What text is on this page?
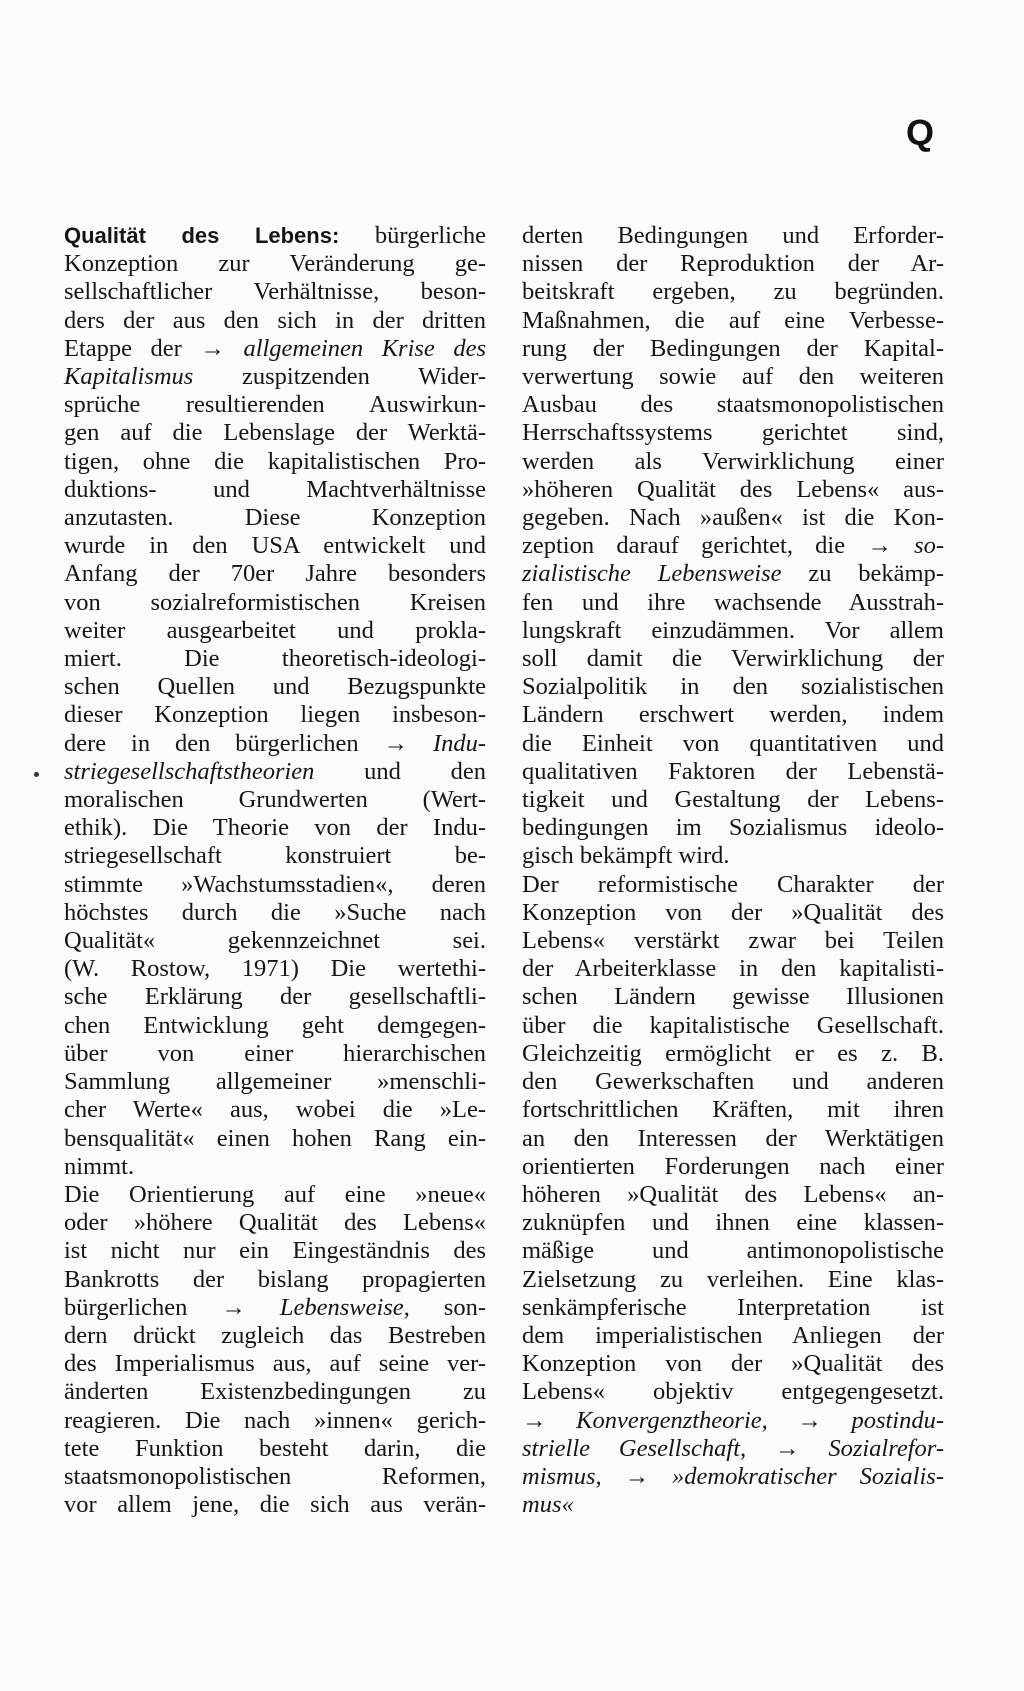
Q
Qualität des Lebens: bürgerliche
Konzeption zur Veränderung ge-
sellschaftlicher Verhältnisse, beson-
ders der aus den sich in der dritten
Etappe der → allgemeinen Krise des
Kapitalismus zuspitzenden Wider-
sprüche resultierenden Auswirkun-
gen auf die Lebenslage der Werktä-
tigen, ohne die kapitalistischen Pro-
duktions- und Machtverhältnisse
anzutasten. Diese Konzeption
wurde in den USA entwickelt und
Anfang der 70er Jahre besonders
von sozialreformistischen Kreisen
weiter ausgearbeitet und prokla-
miert. Die theoretisch-ideologi-
schen Quellen und Bezugspunkte
dieser Konzeption liegen insbeson-
dere in den bürgerlichen → Indu-
striegesellschaftstheorien und den
moralischen Grundwerten (Wert-
ethik). Die Theorie von der Indu-
striegesellschaft konstruiert be-
stimmte »Wachstumsstadien«, deren
höchstes durch die »Suche nach
Qualität« gekennzeichnet sei.
(W. Rostow, 1971) Die wertethi-
sche Erklärung der gesellschaftli-
chen Entwicklung geht demgegen-
über von einer hierarchischen
Sammlung allgemeiner »menschli-
cher Werte« aus, wobei die »Le-
bensqualität« einen hohen Rang ein-
nimmt.
Die Orientierung auf eine »neue«
oder »höhere Qualität des Lebens«
ist nicht nur ein Eingeständnis des
Bankrotts der bislang propagierten
bürgerlichen → Lebensweise, son-
dern drückt zugleich das Bestreben
des Imperialismus aus, auf seine ver-
änderten Existenzbedingungen zu
reagieren. Die nach »innen« gerich-
tete Funktion besteht darin, die
staatsmonopolistischen Reformen,
vor allem jene, die sich aus verän-
derten Bedingungen und Erforder-
nissen der Reproduktion der Ar-
beitskraft ergeben, zu begründen.
Maßnahmen, die auf eine Verbesse-
rung der Bedingungen der Kapital-
verwertung sowie auf den weiteren
Ausbau des staatsmonopolistischen
Herrschaftssystems gerichtet sind,
werden als Verwirklichung einer
»höheren Qualität des Lebens« aus-
gegeben. Nach »außen« ist die Kon-
zeption darauf gerichtet, die → so-
zialistische Lebensweise zu bekämp-
fen und ihre wachsende Ausstrah-
lungskraft einzudämmen. Vor allem
soll damit die Verwirklichung der
Sozialpolitik in den sozialistischen
Ländern erschwert werden, indem
die Einheit von quantitativen und
qualitativen Faktoren der Lebenstä-
tigkeit und Gestaltung der Lebens-
bedingungen im Sozialismus ideolo-
gisch bekämpft wird.
Der reformistische Charakter der
Konzeption von der »Qualität des
Lebens« verstärkt zwar bei Teilen
der Arbeiterklasse in den kapitalisti-
schen Ländern gewisse Illusionen
über die kapitalistische Gesellschaft.
Gleichzeitig ermöglicht er es z. B.
den Gewerkschaften und anderen
fortschrittlichen Kräften, mit ihren
an den Interessen der Werktätigen
orientierten Forderungen nach einer
höheren »Qualität des Lebens« an-
zuknüpfen und ihnen eine klassen-
mäßige und antimonopolistische
Zielsetzung zu verleihen. Eine klas-
senkämpferische Interpretation ist
dem imperialistischen Anliegen der
Konzeption von der »Qualität des
Lebens« objektiv entgegengesetzt.
→ Konvergenztheorie, → postindu-
strielle Gesellschaft, → Sozialrefor-
mismus, → »demokratischer Sozialis-
mus«
